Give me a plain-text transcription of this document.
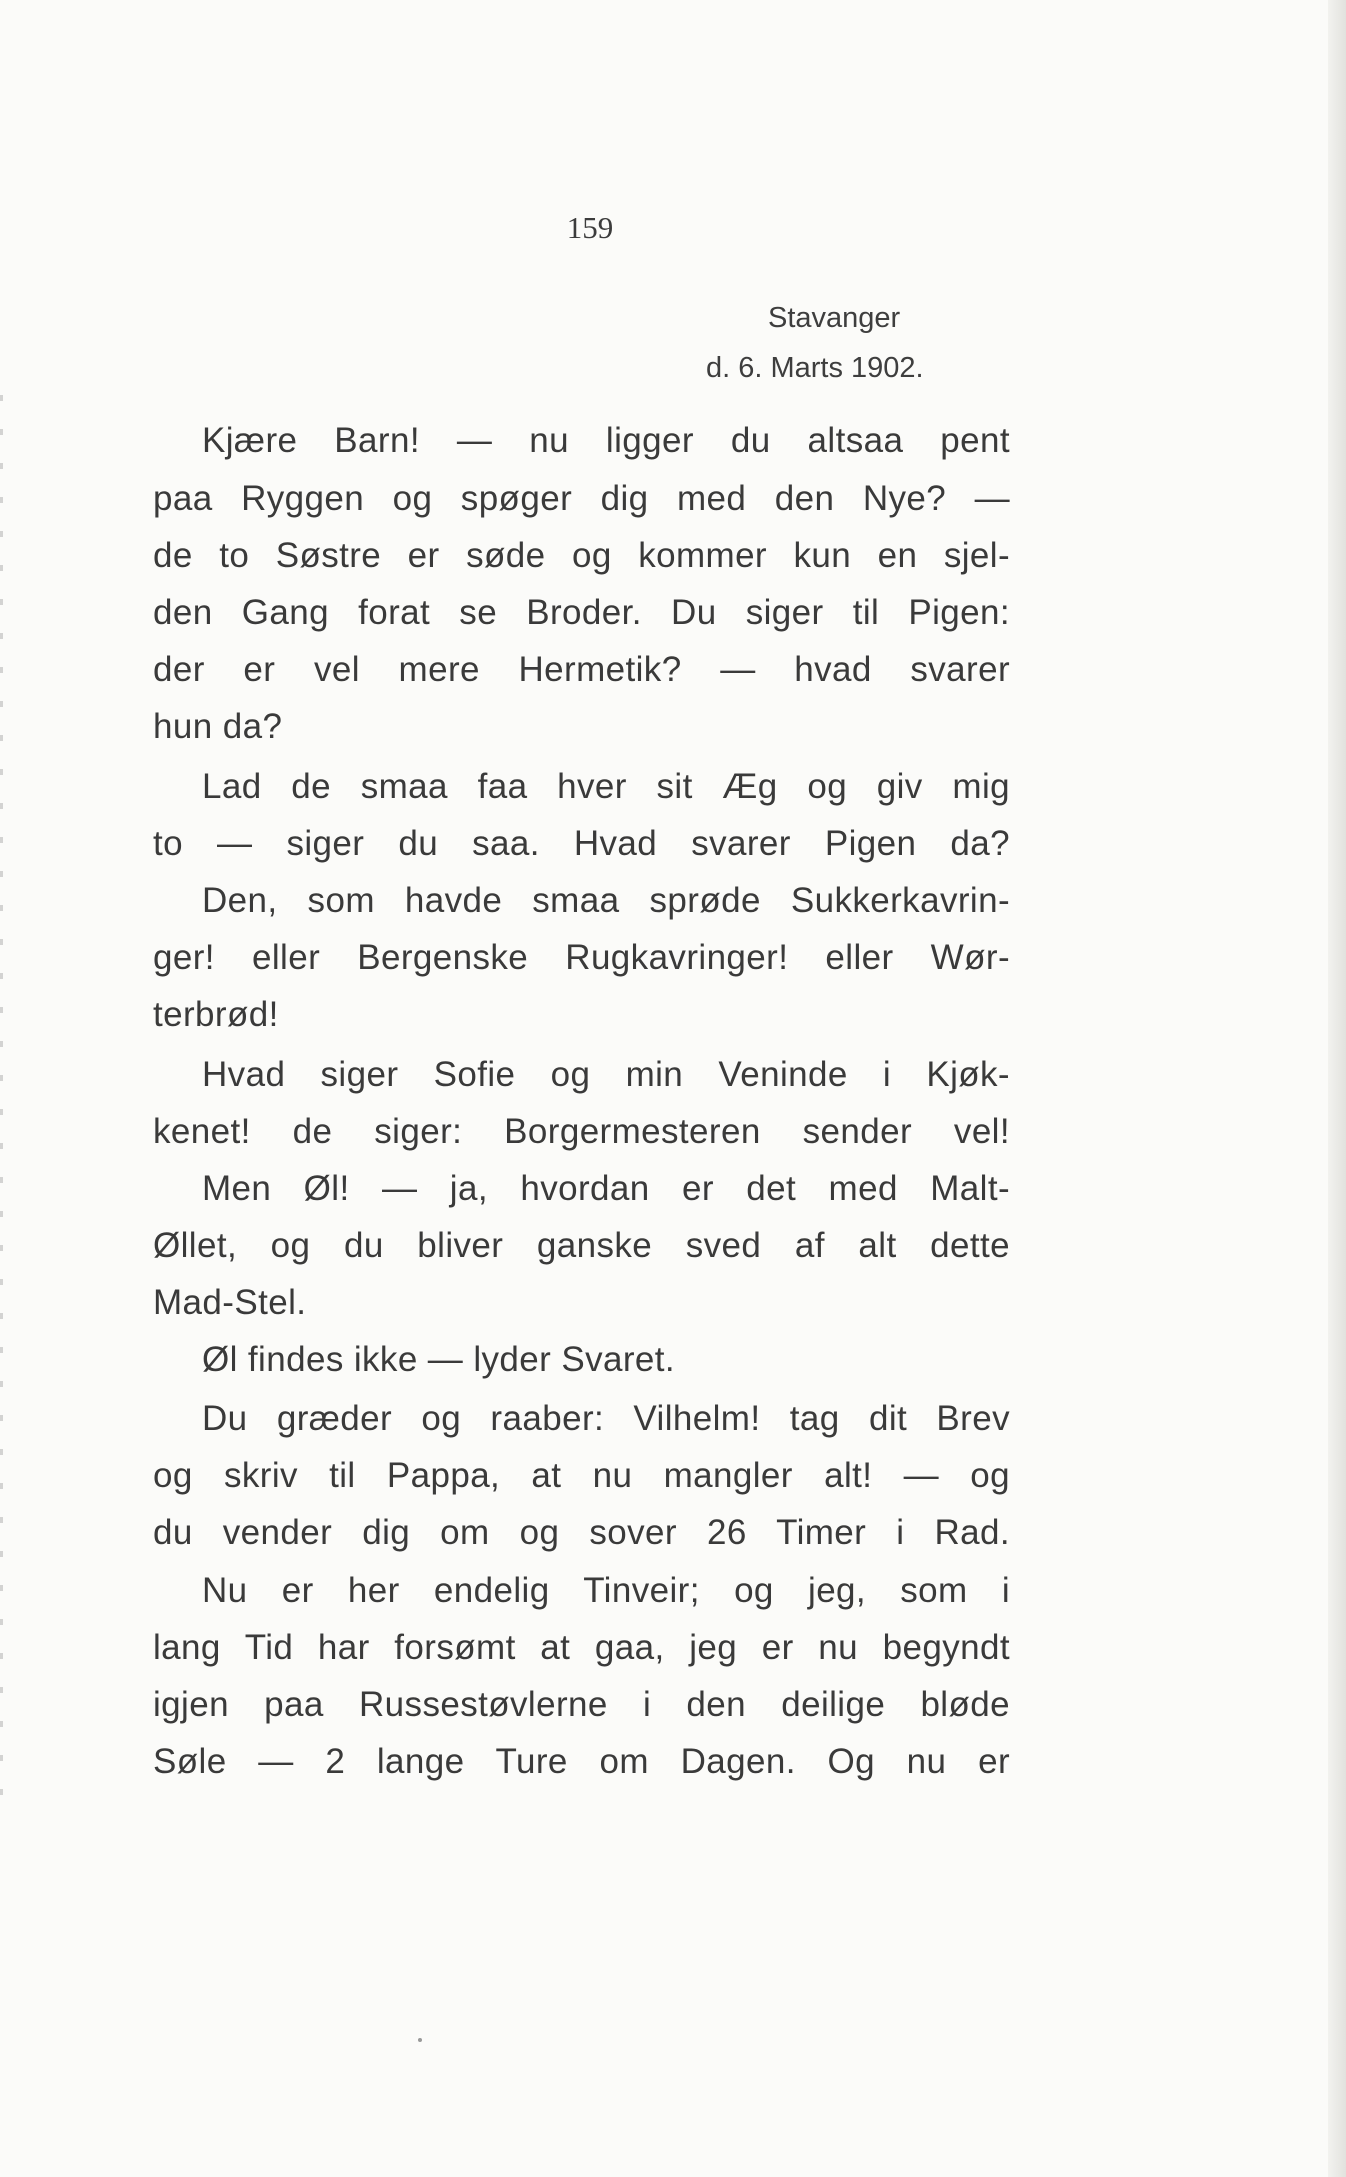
159

Stavanger
d. 6. Marts 1902.

Kjære Barn! — nu ligger du altsaa pent

paa Ryggen og spøger dig med den Nye? —

de to Søstre er søde og kommer kun en sjel-

den Gang forat se Broder. Du siger til Pigen:

der er vel mere Hermetik? — hvad svarer

hun da?

Lad de smaa faa hver sit Æg og giv mig

to — siger du saa. Hvad svarer Pigen da?

Den, som havde smaa sprøde Sukkerkavrin-

ger! eller Bergenske Rugkavringer! eller Wør-

terbrød!

Hvad siger Sofie og min Veninde i Kjøk-

kenet! de siger: Borgermesteren sender vel!

Men Øl! — ja, hvordan er det med Malt-

Øllet, og du bliver ganske sved af alt dette

Mad-Stel.

Øl findes ikke — lyder Svaret.

Du græder og raaber: Vilhelm! tag dit Brev

og skriv til Pappa, at nu mangler alt! — og

du vender dig om og sover 26 Timer i Rad.

Nu er her endelig Tinveir; og jeg, som i

lang Tid har forsømt at gaa, jeg er nu begyndt

igjen paa Russestøvlerne i den deilige bløde

Søle — 2 lange Ture om Dagen. Og nu er
